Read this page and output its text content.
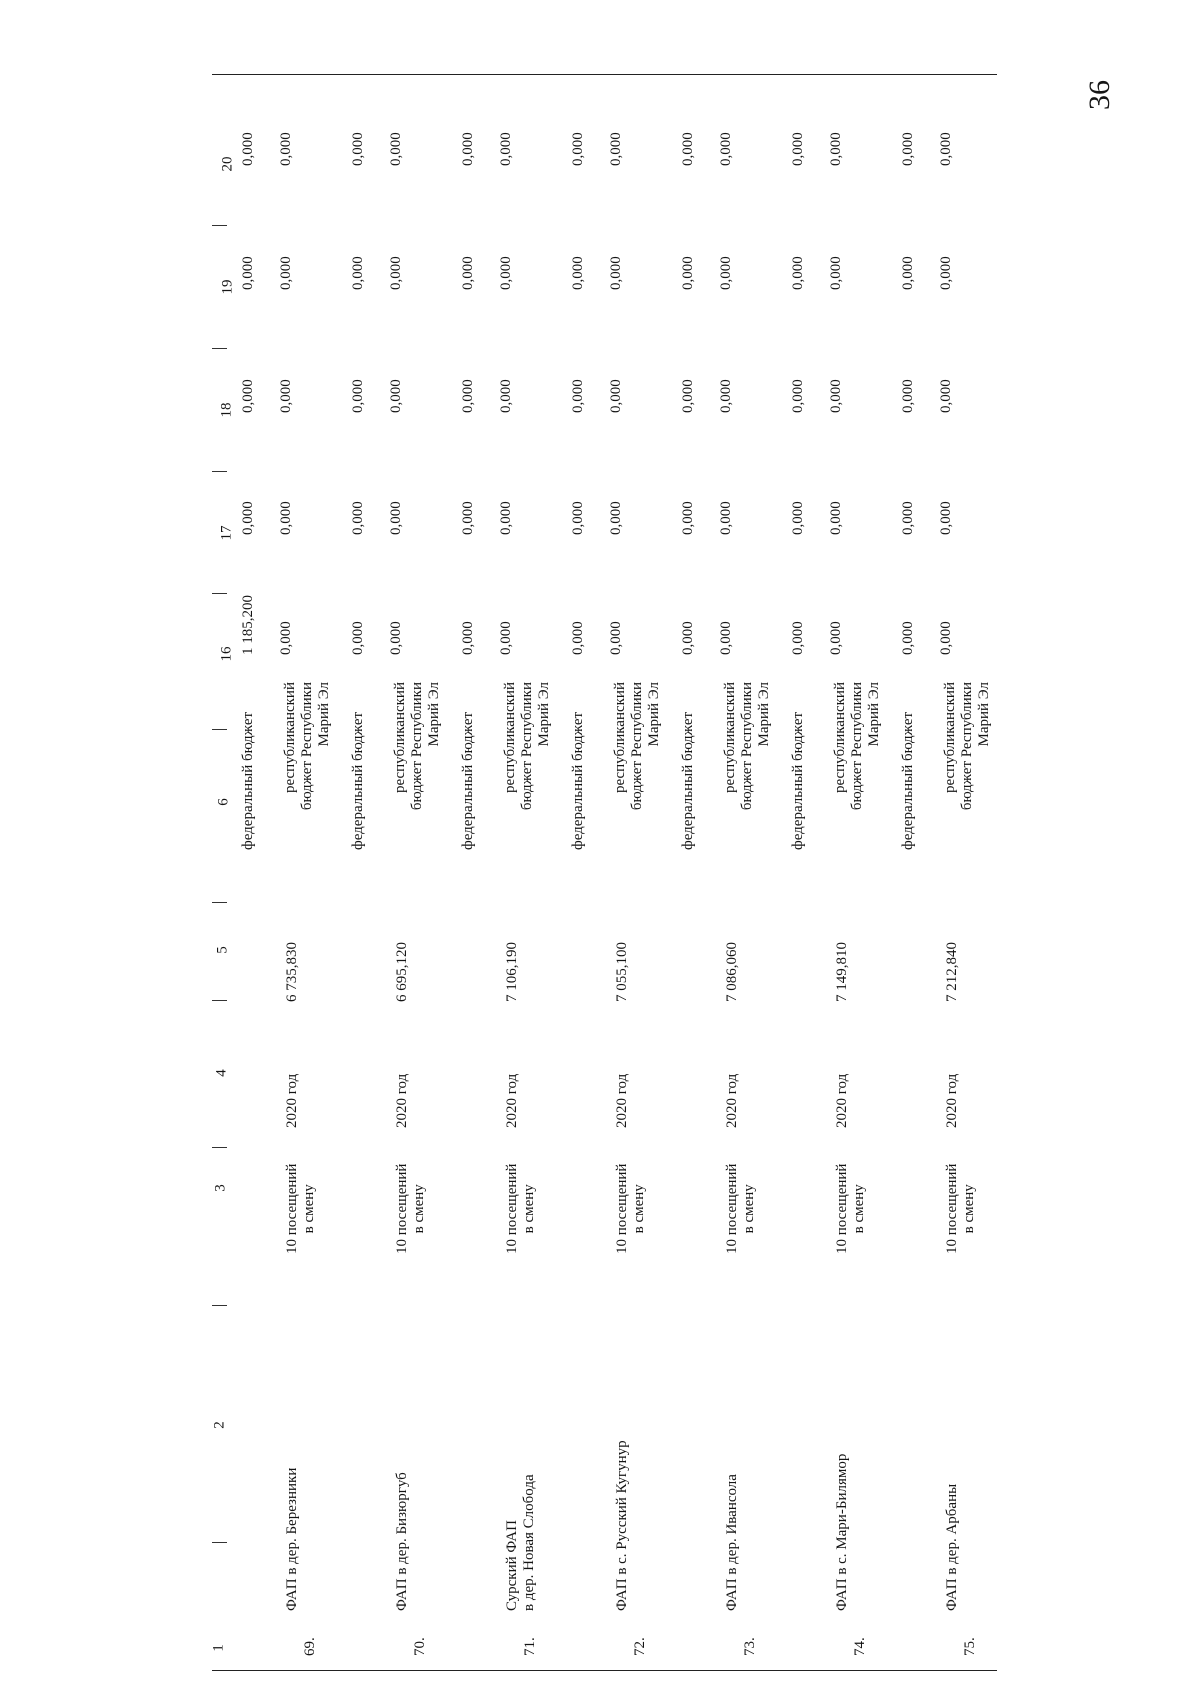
36
1
2
3
4
5
6
16
17
18
19
20
69.
ФАП в дер. Березники
10 посещений
в смену
2020 год
6 735,830
федеральный бюджет
1 185,200
0,000
0,000
0,000
0,000
республиканский
бюджет Республики
Марий Эл
0,000
0,000
0,000
0,000
0,000
70.
ФАП в дер. Бизюргуб
10 посещений
в смену
2020 год
6 695,120
федеральный бюджет
0,000
0,000
0,000
0,000
0,000
республиканский
бюджет Республики
Марий Эл
0,000
0,000
0,000
0,000
0,000
71.
Сурский ФАП
в дер. Новая Слобода
10 посещений
в смену
2020 год
7 106,190
федеральный бюджет
0,000
0,000
0,000
0,000
0,000
республиканский
бюджет Республики
Марий Эл
0,000
0,000
0,000
0,000
0,000
72.
ФАП в с. Русский Кугунур
10 посещений
в смену
2020 год
7 055,100
федеральный бюджет
0,000
0,000
0,000
0,000
0,000
республиканский
бюджет Республики
Марий Эл
0,000
0,000
0,000
0,000
0,000
73.
ФАП в дер. Ивансола
10 посещений
в смену
2020 год
7 086,060
федеральный бюджет
0,000
0,000
0,000
0,000
0,000
республиканский
бюджет Республики
Марий Эл
0,000
0,000
0,000
0,000
0,000
74.
ФАП в с. Мари-Билямор
10 посещений
в смену
2020 год
7 149,810
федеральный бюджет
0,000
0,000
0,000
0,000
0,000
республиканский
бюджет Республики
Марий Эл
0,000
0,000
0,000
0,000
0,000
75.
ФАП в дер. Арбаны
10 посещений
в смену
2020 год
7 212,840
федеральный бюджет
0,000
0,000
0,000
0,000
0,000
республиканский
бюджет Республики
Марий Эл
0,000
0,000
0,000
0,000
0,000
